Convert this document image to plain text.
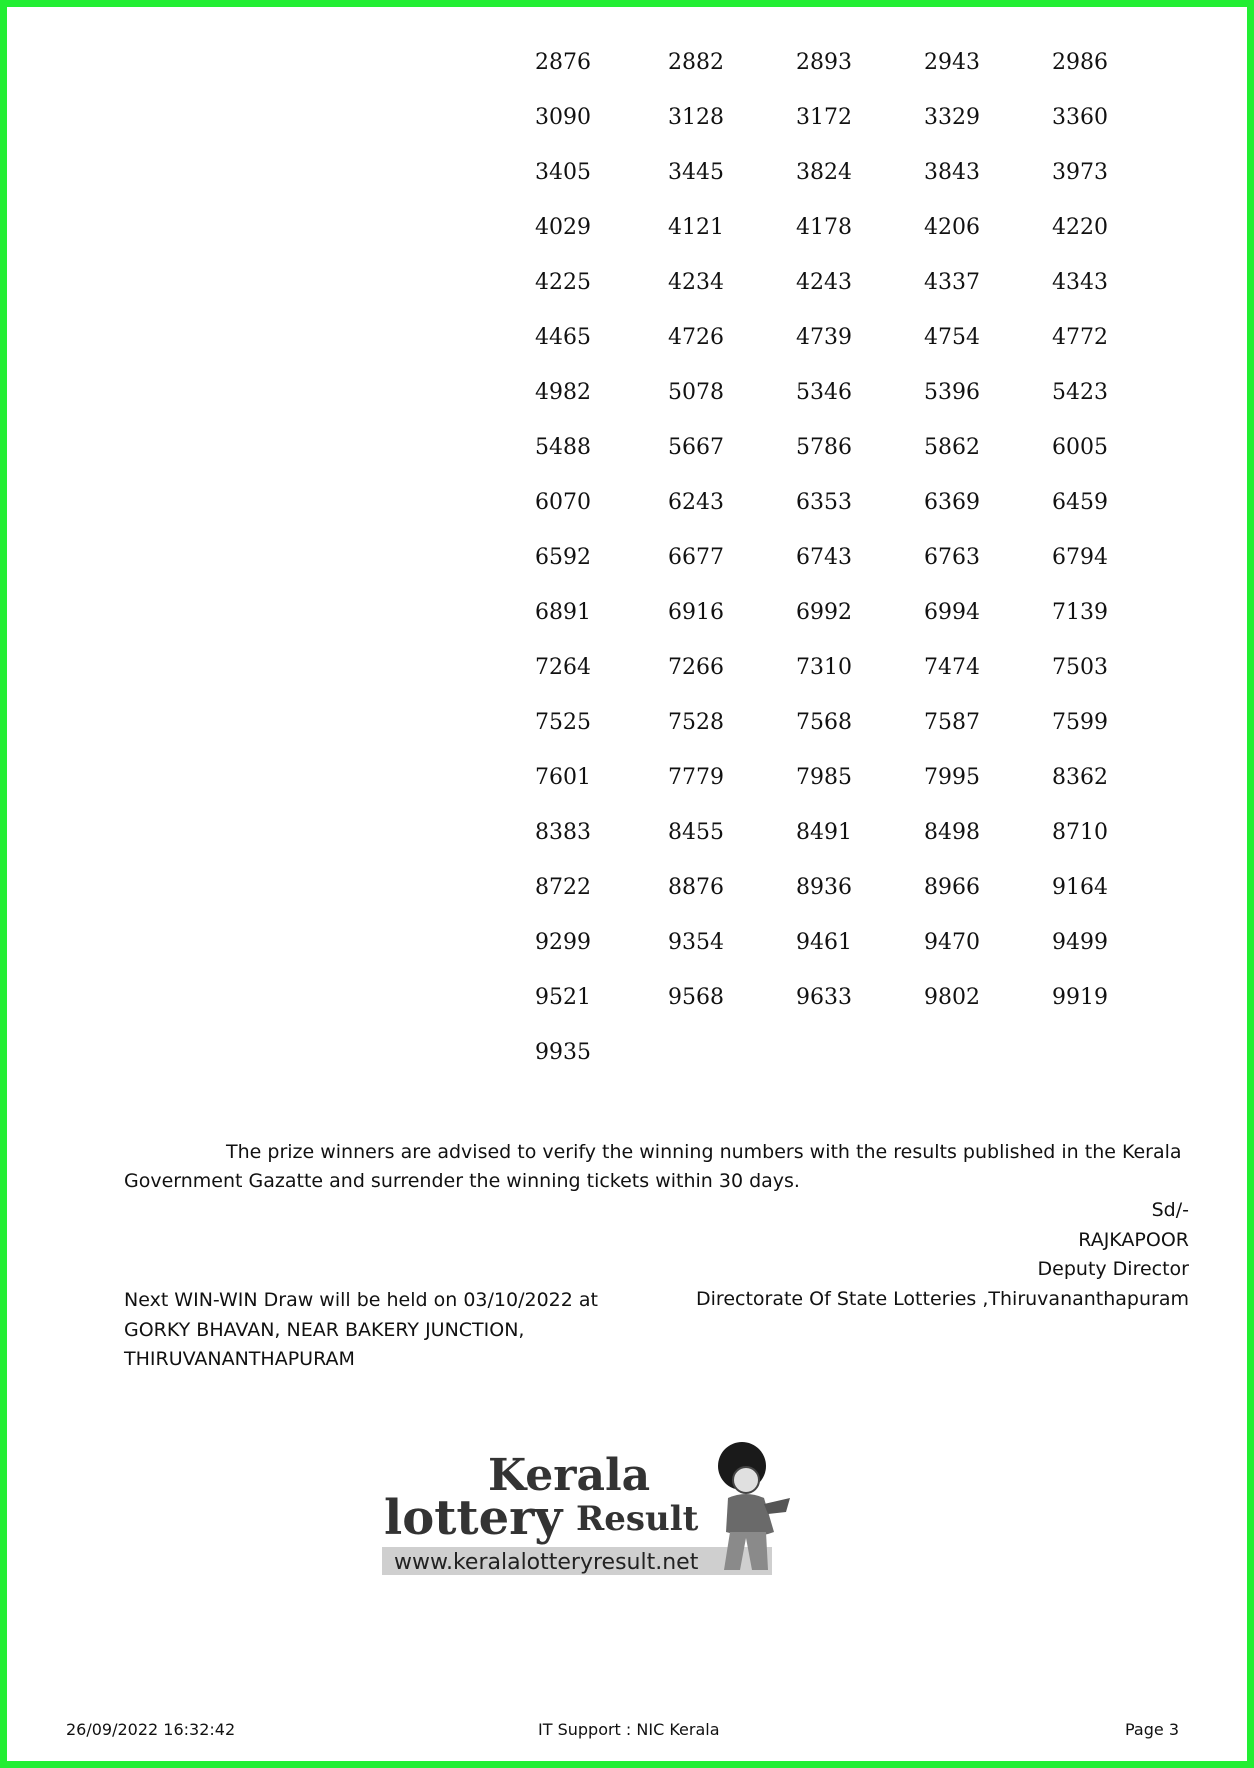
2876	2882	2893	2943	2986
3090	3128	3172	3329	3360
3405	3445	3824	3843	3973
4029	4121	4178	4206	4220
4225	4234	4243	4337	4343
4465	4726	4739	4754	4772
4982	5078	5346	5396	5423
5488	5667	5786	5862	6005
6070	6243	6353	6369	6459
6592	6677	6743	6763	6794
6891	6916	6992	6994	7139
7264	7266	7310	7474	7503
7525	7528	7568	7587	7599
7601	7779	7985	7995	8362
8383	8455	8491	8498	8710
8722	8876	8936	8966	9164
9299	9354	9461	9470	9499
9521	9568	9633	9802	9919
9935
The prize winners are advised to verify the winning numbers with the results published in the Kerala
Government Gazatte and surrender the winning tickets within 30 days.
Sd/-
RAJKAPOOR
Deputy Director
Directorate Of State Lotteries ,Thiruvananthapuram
Next WIN-WIN Draw will be held on 03/10/2022 at
GORKY BHAVAN, NEAR BAKERY JUNCTION,
THIRUVANANTHAPURAM
Kerala
lottery Result
www.keralalotteryresult.net
26/09/2022 16:32:42	IT Support : NIC Kerala	Page 3
